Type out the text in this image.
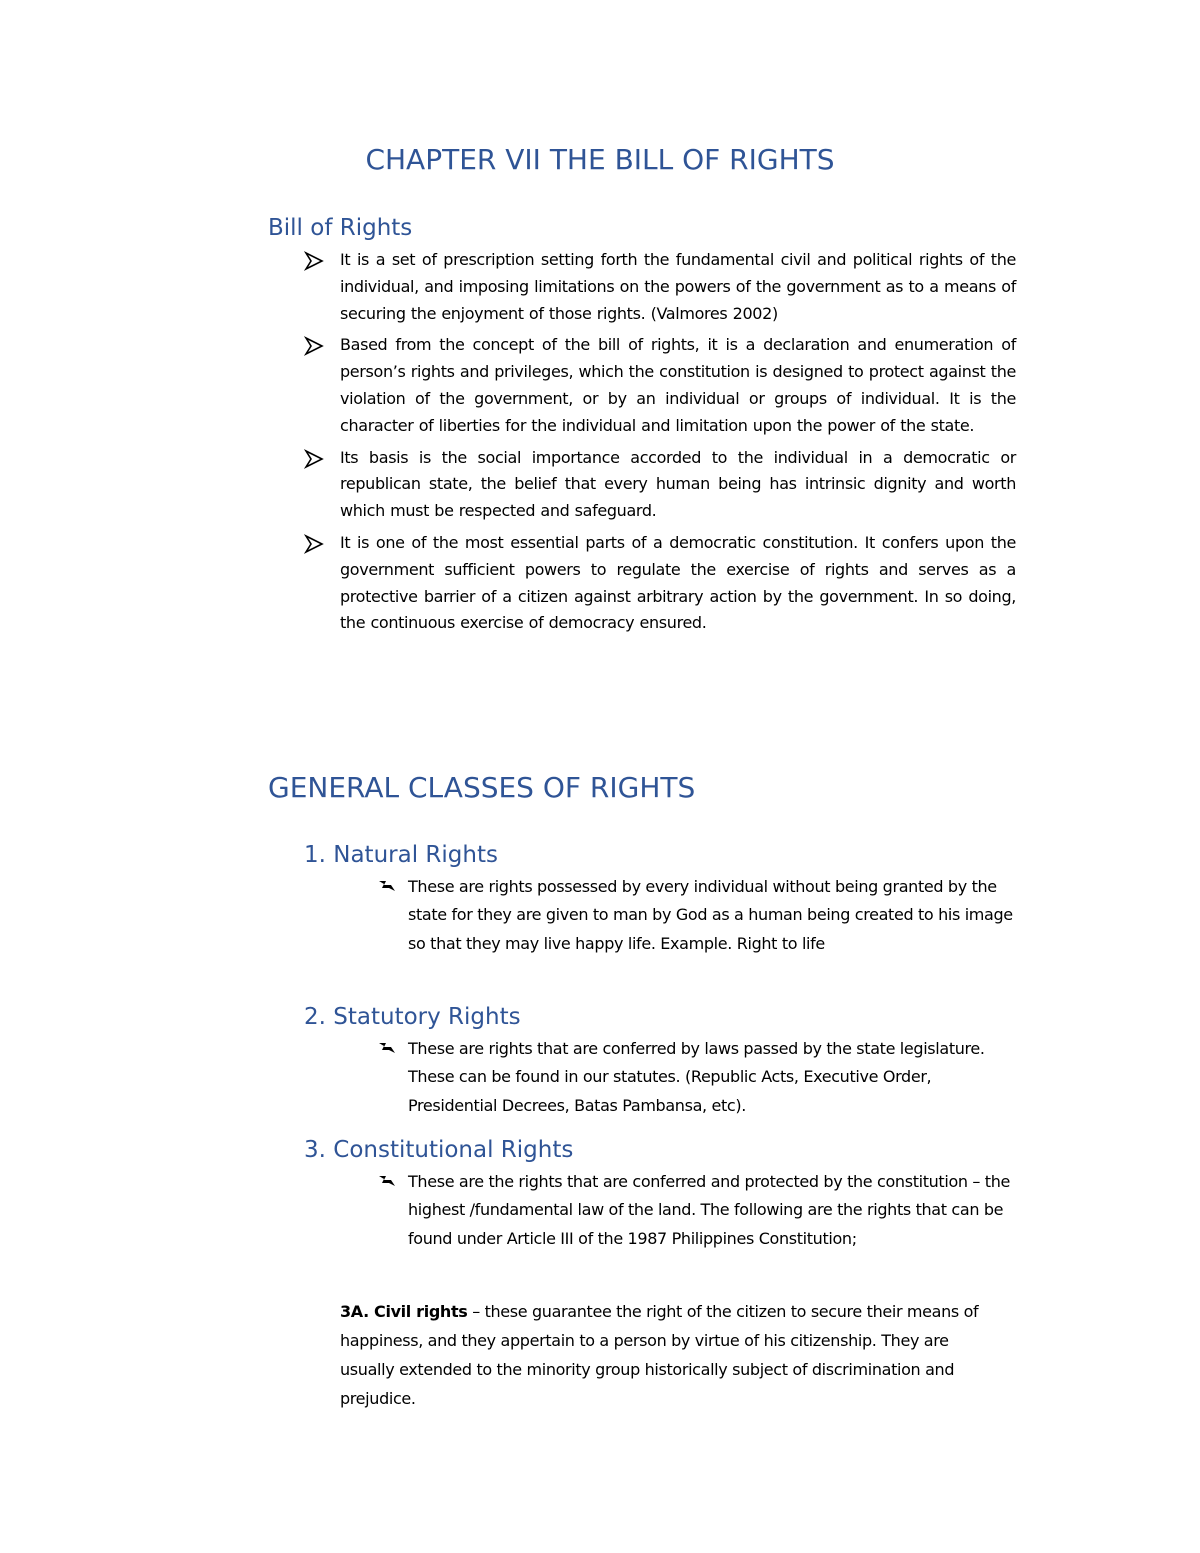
CHAPTER VII THE BILL OF RIGHTS
Bill of Rights
It is a set of prescription setting forth the fundamental civil and political rights of the individual, and imposing limitations on the powers of the government as to a means of securing the enjoyment of those rights. (Valmores 2002)
Based from the concept of the bill of rights, it is a declaration and enumeration of person’s rights and privileges, which the constitution is designed to protect against the violation of the government, or by an individual or groups of individual. It is the character of liberties for the individual and limitation upon the power of the state.
Its basis is the social importance accorded to the individual in a democratic or republican state, the belief that every human being has intrinsic dignity and worth which must be respected and safeguard.
It is one of the most essential parts of a democratic constitution. It confers upon the government sufficient powers to regulate the exercise of rights and serves as a protective barrier of a citizen against arbitrary action by the government. In so doing, the continuous exercise of democracy ensured.
GENERAL CLASSES OF RIGHTS
1. Natural Rights
These are rights possessed by every individual without being granted by the state for they are given to man by God as a human being created to his image so that they may live happy life. Example. Right to life
2. Statutory Rights
These are rights that are conferred by laws passed by the state legislature. These can be found in our statutes. (Republic Acts, Executive Order, Presidential Decrees, Batas Pambansa, etc).
3. Constitutional Rights
These are the rights that are conferred and protected by the constitution – the highest /fundamental law of the land. The following are the rights that can be found under Article III of the 1987 Philippines Constitution;

3A. Civil rights – these guarantee the right of the citizen to secure their means of happiness, and they appertain to a person by virtue of his citizenship. They are usually extended to the minority group historically subject of discrimination and prejudice.
